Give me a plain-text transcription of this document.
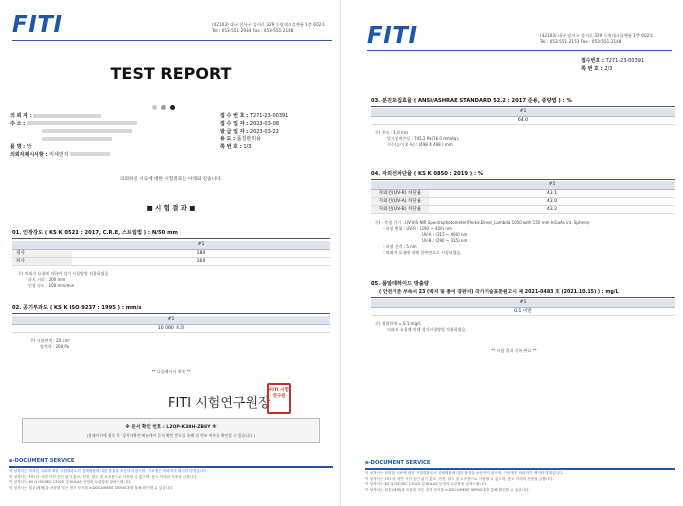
FITI	(42103) 대구 달서구 성서로 329 동원테크플랫폼 1층 602호
Tel : 053-551-2934 Fax : 053-551-2148
TEST REPORT
의 뢰 자 :
주 소 :

품 명 : 망
의뢰자제시사항 : 미세먼지
접 수 번 호 : T271-23-00391
접 수 일 자 : 2023-03-08
발 급 일 자 : 2023-03-22
용 도 : 품질관리용
쪽 번 호 : 1/3
의뢰하신 시료에 대한 시험결과는 아래와 같습니다.
■ 시 험 결 과 ■
01. 인장강도 ( KS K 0521 : 2017, C.R.E, 스트립법 ) : N/50 mm
	#1
경사	180
위사	160
주) 의뢰자 요청에 의하여 성기 시험방법 적용하였음
파지 거리 : 200 mm
인장 속도 : 100 mm/min
02. 공기투과도 ( KS K ISO 9237 : 1995 ) : mm/s
#1
10 000 초과
주) 시험면적 : 20 cm²
압력차 : 200 Pa
** 다음페이지 계속 **
FITI 시험연구원장
FITI 시험연구원
※ 문서 확인 번호 : L2QP-K38H-ZB8Y ※
(홈페이지에 접속 후 '성적서확인'메뉴에서 문서 확인 번호를 통해 위 변조 여부를 확인할 수 있습니다.)
e-DOCUMENT SERVICE
이 성적서는 의뢰된 시료에 대한 시험결과로서 전체제품에 대한 품질을 보증하지 않으며, 시료명은 의뢰자가 제시한 명칭입니다.
이 성적서는 FITI 의 서면 사전 승인 없이 홍보, 선전, 광고 및 소송용으로 사용할 수 없으며, 용도 이외의 사용을 금합니다.
이 성적서는 KS Q ISO/IEC 17025 및 KOLAS 인정과 무관함을 알려드립니다.
이 성적서는 원본(매체)을 포함한 모든 전자 문서를 e-DOCUMENT SERVICE를 통해 확인할 수 있습니다.
FITI	(42103) 대구 달서구 성서로 329 동원테크플랫폼 1층 602호
Tel : 053-551-2153 Fax : 053-551-2148
접수번호 : T271-23-00391
쪽 번 호 : 2/3
03. 분진포집효율 ( ANSI/ASHRAE STANDARD 52.2 : 2017 준용, 중량법 ) : %
#1
64.0
주) 풍속 : 1.0 m/s
당기압력손실 : 745.2 Pa(76.0 mmAq),
지수(높이 X 폭) : (498 X 498 ) mm
04. 자외선차단율 ( KS K 0850 : 2019 ) : %
	#1
자외선(UV-R) 차단율	43.1
자외선(UV-A) 차단율	43.0
자외선(UV-B) 차단율	43.2
주) - 측정 기기 : UV-VIS-NIR Spectrophotometer(PerkinElmer_Lambda 1050 with 150 mm InGaAs int. Sphere)
- 파장 범위 : UV-R : (290 ~ 400) nm
UV-A : (315 ~ 400) nm
UV-B : (290 ~ 315) nm
- 파장 간격 : 5 nm
- 의뢰자 요청에 의해 한쪽면으로 시험하였음.
05. 폼알데하이드 방출량
( 안전기준 부속서 23 (벽지 및 종이 장판지) 국가기술표준원고시 제 2021-0483 호 (2021.10.15) ) : mg/L
#1
0.1 미만
주) 정량한계 = 0.1 mg/L
의뢰자 요청에 의해 성기시험방법 적용하였음.
** 시험 결과 기록 완료 **
e-DOCUMENT SERVICE
이 성적서는 의뢰된 시료에 대한 시험결과로서 전체제품에 대한 품질을 보증하지 않으며, 시료명은 의뢰자가 제시한 명칭입니다.
이 성적서는 FITI 의 서면 사전 승인 없이 홍보, 선전, 광고 및 소송용으로 사용할 수 없으며, 용도 이외의 사용을 금합니다.
이 성적서는 KS Q ISO/IEC 17025 및 KOLAS 인정과 무관함을 알려드립니다.
이 성적서는 원본(매체)을 포함한 모든 전자 문서를 e-DOCUMENT SERVICE를 통해 확인할 수 있습니다.
